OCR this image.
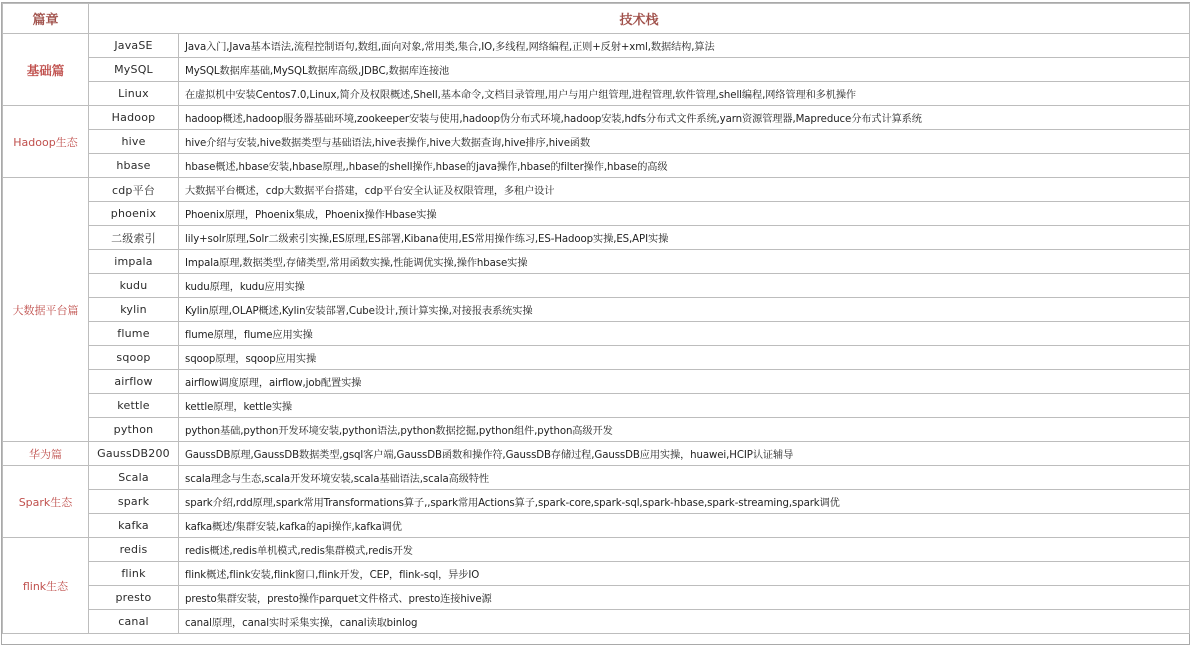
篇章	技术栈	
基础篇	JavaSE	Java入门,Java基本语法,流程控制语句,数组,面向对象,常用类,集合,IO,多线程,网络编程,正则+反射+xml,数据结构,算法
	MySQL	MySQL数据库基础,MySQL数据库高级,JDBC,数据库连接池
	Linux	在虚拟机中安装Centos7.0,Linux,简介及权限概述,Shell,基本命令,文档目录管理,用户与用户组管理,进程管理,软件管理,shell编程,网络管理和多机操作
Hadoop生态	Hadoop	hadoop概述,hadoop服务器基础环境,zookeeper安装与使用,hadoop伪分布式环境,hadoop安装,hdfs分布式文件系统,yarn资源管理器,Mapreduce分布式计算系统
	hive	hive介绍与安装,hive数据类型与基础语法,hive表操作,hive大数据查询,hive排序,hive函数
	hbase	hbase概述,hbase安装,hbase原理,,hbase的shell操作,hbase的java操作,hbase的filter操作,hbase的高级
大数据平台篇	cdp平台	大数据平台概述，cdp大数据平台搭建，cdp平台安全认证及权限管理，多租户设计
	phoenix	Phoenix原理，Phoenix集成，Phoenix操作Hbase实操
	二级索引	lily+solr原理,Solr二级索引实操,ES原理,ES部署,Kibana使用,ES常用操作练习,ES-Hadoop实操,ES,API实操
	impala	Impala原理,数据类型,存储类型,常用函数实操,性能调优实操,操作hbase实操
	kudu	kudu原理，kudu应用实操
	kylin	Kylin原理,OLAP概述,Kylin安装部署,Cube设计,预计算实操,对接报表系统实操
	flume	flume原理，flume应用实操
	sqoop	sqoop原理，sqoop应用实操
	airflow	airflow调度原理，airflow,job配置实操
	kettle	kettle原理，kettle实操
	python	python基础,python开发环境安装,python语法,python数据挖掘,python组件,python高级开发
华为篇	GaussDB200	GaussDB原理,GaussDB数据类型,gsql客户端,GaussDB函数和操作符,GaussDB存储过程,GaussDB应用实操，huawei,HCIP认证辅导
Spark生态	Scala	scala理念与生态,scala开发环境安装,scala基础语法,scala高级特性
	spark	spark介绍,rdd原理,spark常用Transformations算子,,spark常用Actions算子,spark-core,spark-sql,spark-hbase,spark-streaming,spark调优
	kafka	kafka概述/集群安装,kafka的api操作,kafka调优
flink生态	redis	redis概述,redis单机模式,redis集群模式,redis开发
	flink	flink概述,flink安装,flink窗口,flink开发，CEP，flink-sql，异步IO
	presto	presto集群安装，presto操作parquet文件格式、presto连接hive源
	canal	canal原理，canal实时采集实操，canal读取binlog
